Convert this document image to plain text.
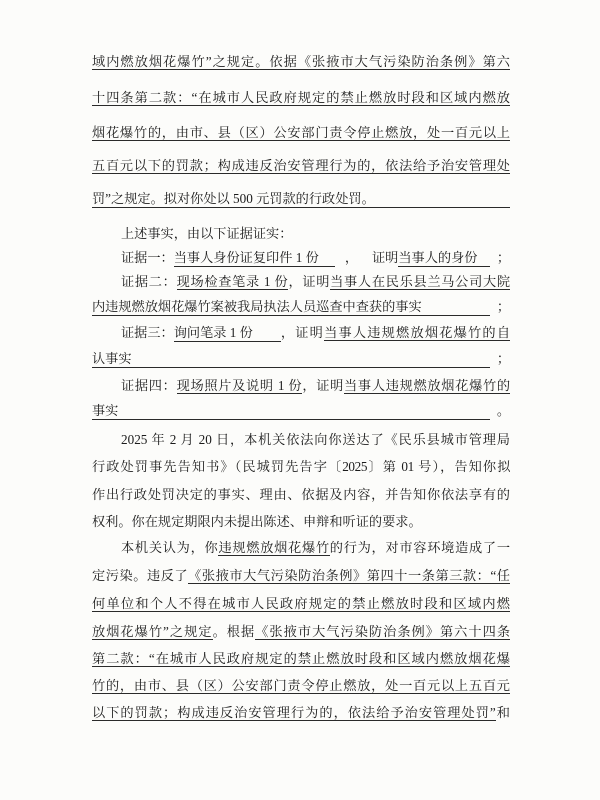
域内燃放烟花爆竹”之规定。依据《张掖市大气污染防治条例》第六
十四条第二款：“在城市人民政府规定的禁止燃放时段和区域内燃放
烟花爆竹的，由市、县（区）公安部门责令停止燃放，处一百元以上
五百元以下的罚款；构成违反治安管理行为的，依法给予治安管理处
罚”之规定。拟对你处以 500 元罚款的行政处罚。
上述事实，由以下证据证实：
证据一： 当事人身份证复印件 1 份	， 证明 当事人的身份	；
证据二：现场检查笔录 1 份，证明当事人在民乐县兰马公司大院
内违规燃放烟花爆竹案被我局执法人员巡查中查获的事实	；
证据三： 询问笔录 1 份	，证明当事人违规燃放烟花爆竹的自
认事实	；
证据四：现场照片及说明 1 份，证明当事人违规燃放烟花爆竹的
事实	。
2025 年 2 月 20 日，本机关依法向你送达了《民乐县城市管理局
行政处罚事先告知书》（民城罚先告字〔2025〕第 01 号），告知你拟
作出行政处罚决定的事实、理由、依据及内容，并告知你依法享有的
权利。你在规定期限内未提出陈述、申辩和听证的要求。
本机关认为，你违规燃放烟花爆竹的行为，对市容环境造成了一
定污染。违反了《张掖市大气污染防治条例》第四十一条第三款：“任
何单位和个人不得在城市人民政府规定的禁止燃放时段和区域内燃
放烟花爆竹”之规定。根据《张掖市大气污染防治条例》第六十四条
第二款：“在城市人民政府规定的禁止燃放时段和区域内燃放烟花爆
竹的，由市、县（区）公安部门责令停止燃放，处一百元以上五百元
以下的罚款；构成违反治安管理行为的，依法给予治安管理处罚”和
